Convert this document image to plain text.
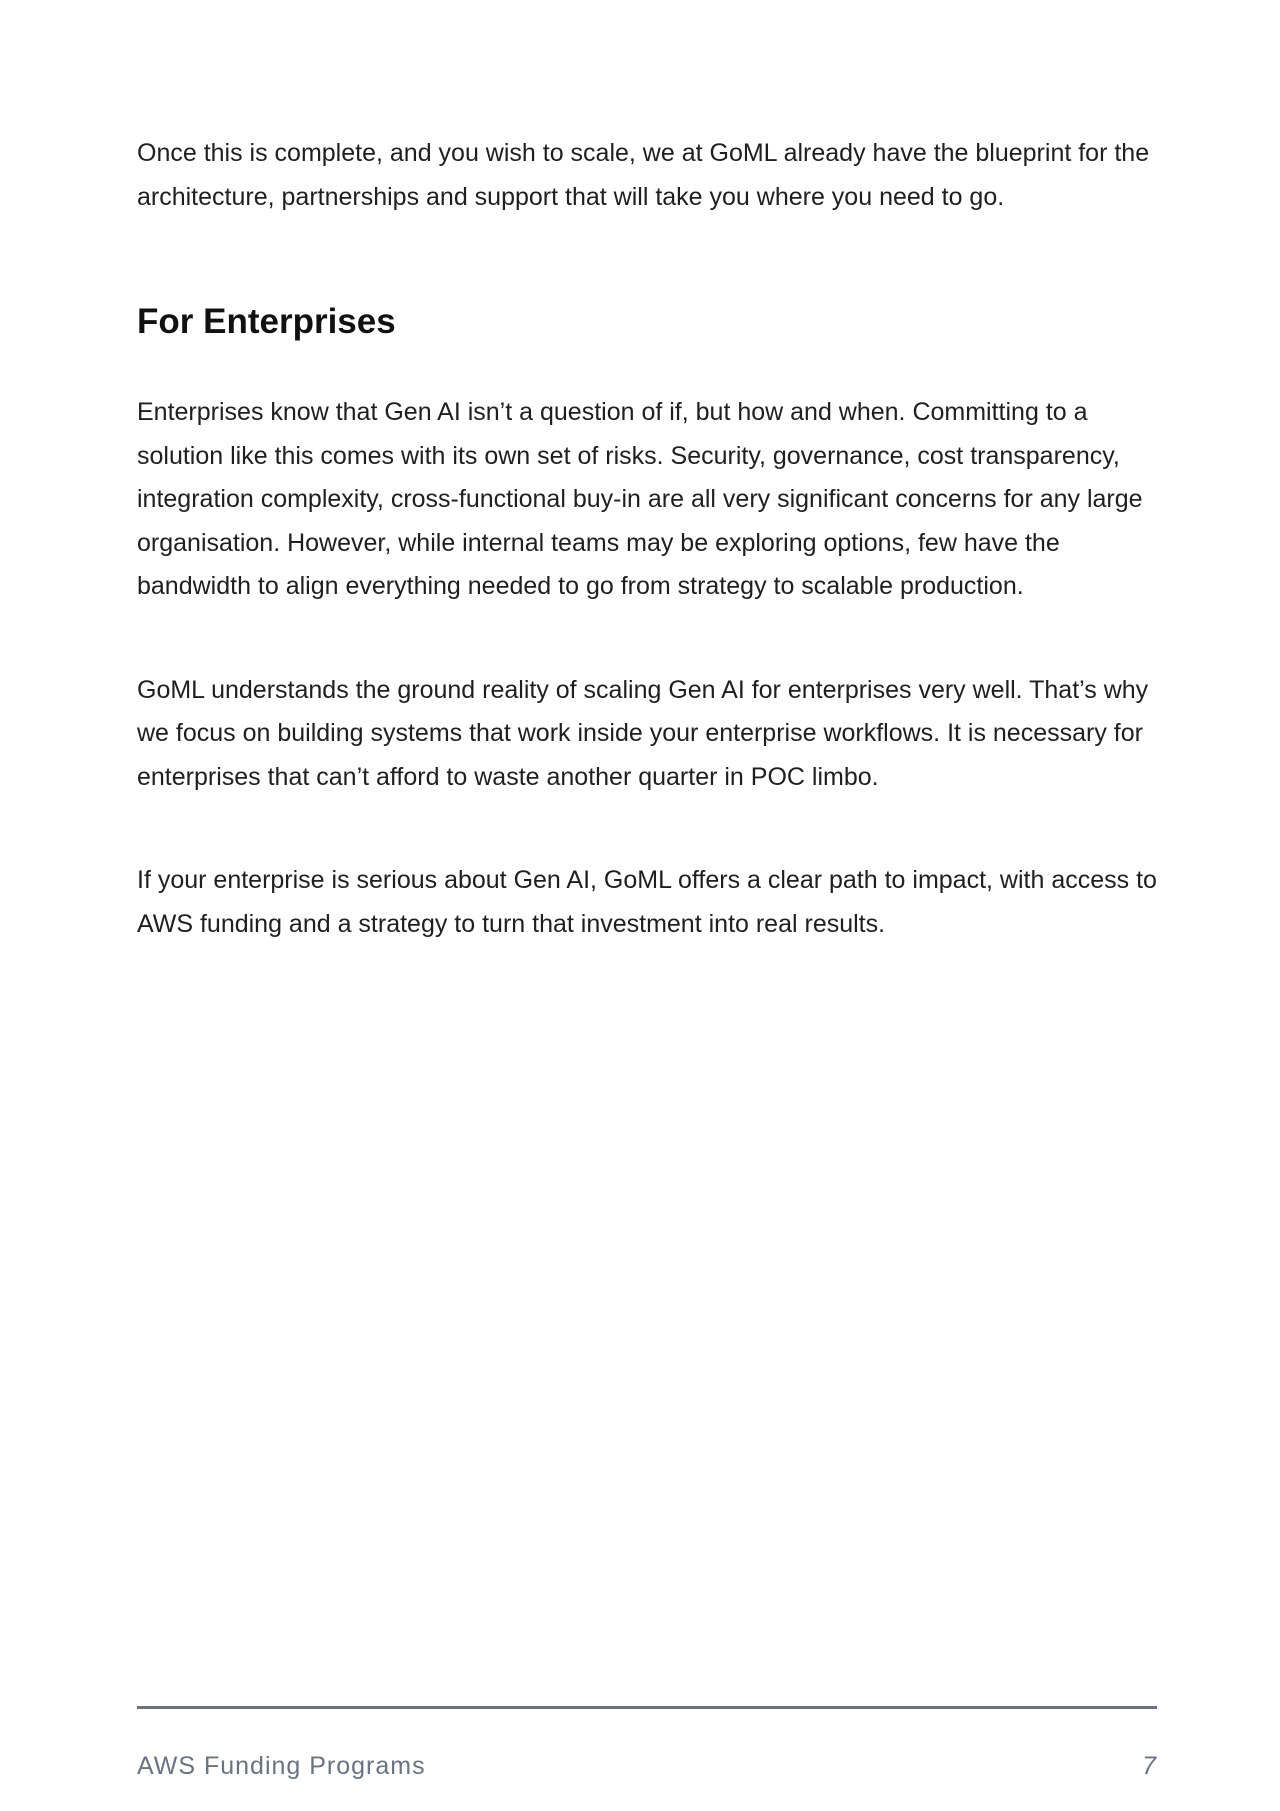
Once this is complete, and you wish to scale, we at GoML already have the blueprint for the architecture, partnerships and support that will take you where you need to go.

For Enterprises

Enterprises know that Gen AI isn’t a question of if, but how and when. Committing to a solution like this comes with its own set of risks. Security, governance, cost transparency, integration complexity, cross-functional buy-in are all very significant concerns for any large organisation. However, while internal teams may be exploring options, few have the bandwidth to align everything needed to go from strategy to scalable production.

GoML understands the ground reality of scaling Gen AI for enterprises very well. That’s why we focus on building systems that work inside your enterprise workflows. It is necessary for enterprises that can’t afford to waste another quarter in POC limbo.

If your enterprise is serious about Gen AI, GoML offers a clear path to impact, with access to AWS funding and a strategy to turn that investment into real results.

AWS Funding Programs	7
